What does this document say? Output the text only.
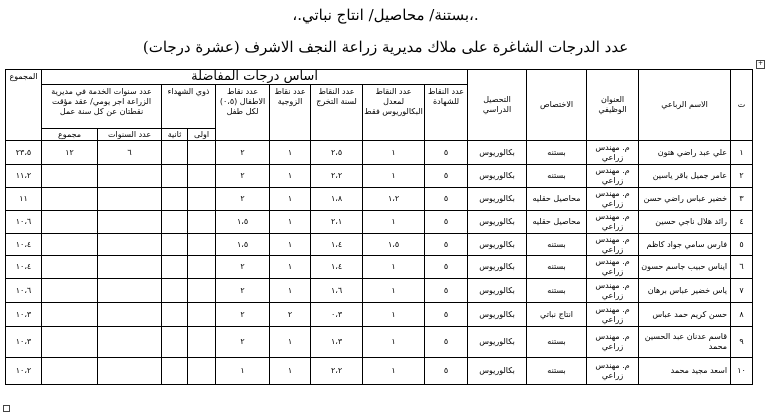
.،بستنة/ محاصيل/ انتاج نباتي.،
عدد الدرجات الشاغرة على ملاك مديرية زراعة النجف الاشرف (عشرة درجات)
+
ت	الاسم الرباعي	العنوان الوظيفي	الاختصاص	التحصيل الدراسي	اساس درجات المفاضلة									المجموع
					عدد النقاط للشهادة	عدد النقاط لمعدل البكالوريوس فقط	عدد النقاط لسنة التخرج	عدد نقاط الزوجية	عدد نقاط الاطفال (٠،٥) لكل طفل	ذوي الشهداء		عدد سنوات الخدمة في مديرية الزراعة اجر يومي/ عقد مؤقت نقطتان عن كل سنة عمل		
										اولى	ثانية	عدد السنوات	مجموع	
١	علي عبد راضي هتون	م. مهندس زراعي	بستنه	بكالوريوس	٥	١	٢،٥	١	٢			٦	١٢	٢٣،٥
٢	عامر جميل باقر ياسين	م. مهندس زراعي	بستنه	بكالوريوس	٥	١	٢،٢	١	٢					١١،٢
٣	خضير عباس راضي حسن	م. مهندس زراعي	محاصيل حقليه	بكالوريوس	٥	١،٢	١،٨	١	٢					١١
٤	رائد هلال ناجي حسين	م. مهندس زراعي	محاصيل حقليه	بكالوريوس	٥	١	٢،١	١	١،٥					١٠،٦
٥	فارس سامي جواد كاظم	م. مهندس زراعي	بستنه	بكالوريوس	٥	١،٥	١،٤	١	١،٥					١٠،٤
٦	ايناس حبيب جاسم حسون	م. مهندس زراعي	بستنه	بكالوريوس	٥	١	١،٤	١	٢					١٠،٤
٧	ياس خضير عباس برهان	م. مهندس زراعي	بستنه	بكالوريوس	٥	١	١،٦	١	٢					١٠،٦
٨	حسن كريم حمد عباس	م. مهندس زراعي	انتاج نباتي	بكالوريوس	٥	١	٠،٣	٢	٢					١٠،٣
٩	قاسم عدنان عبد الحسين محمد	م. مهندس زراعي	بستنه	بكالوريوس	٥	١	١،٣	١	٢					١٠،٣
١٠	اسعد مجيد محمد	م. مهندس زراعي	بستنه	بكالوريوس	٥	١	٢،٢	١	١					١٠،٢
